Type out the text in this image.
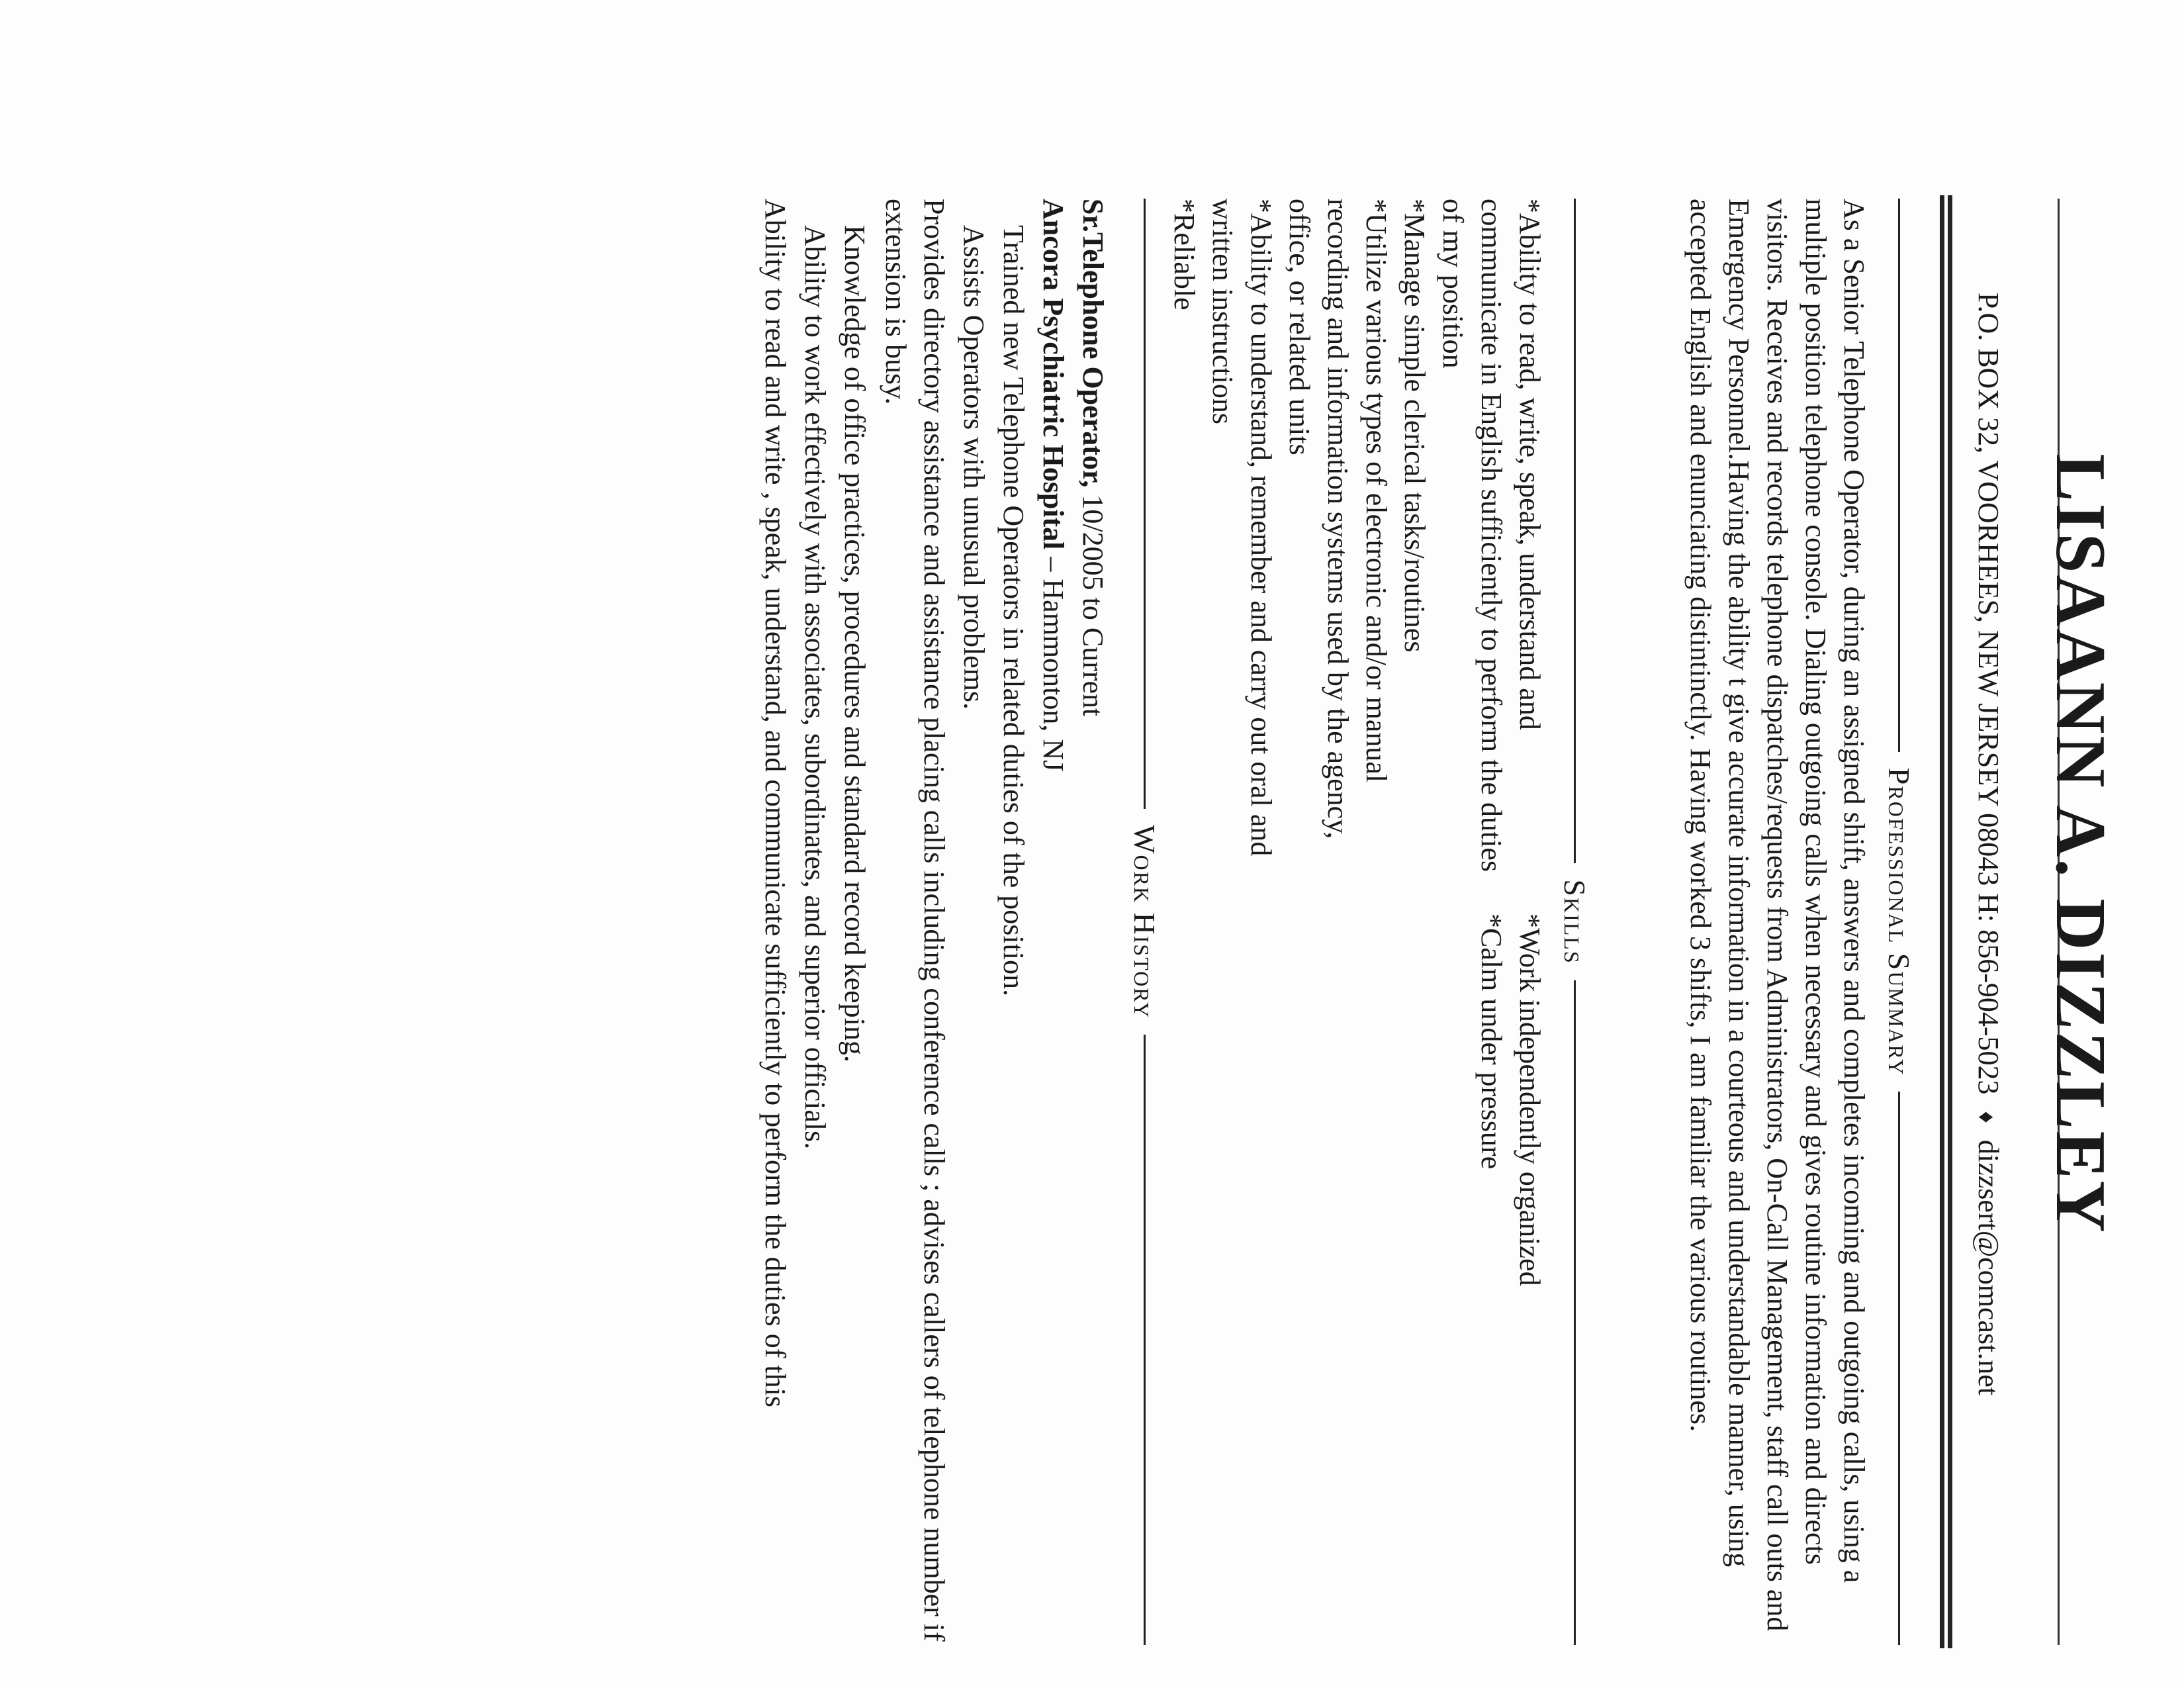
LISAANN A. DIZZLEY
P.O. BOX 32, VOORHEES, NEW JERSEY 08043 H: 856-904-5023 ♦ dizzsert@comcast.net
Professional Summary
As a Senior Telephone Operator, during an assigned shift, answers and completes incoming and outgoing calls, using a multiple position telephone console. Dialing outgoing calls when necessary and gives routine information and directs visitors. Receives and records telephone dispatches/requests from Administrators, On-Call Management, staff call outs and Emergency Personnel.Having the ability t give accurate information in a courteous and understandable manner, using accepted English and enunciating distintinctly. Having worked 3 shifts, I am familiar the various routines.
Skills

*Ability to read, write, speak, understand and communicate in English sufficiently to perform the duties of my position

*Manage simple clerical tasks/routines

*Utilize various types of electronic and/or manual recording and information systems used by the agency, office, or related units

*Ability to understand, remember and carry out oral and written instructions

*Reliable

*Work independently organized

*Calm under pressure

Work History
Sr.Telephone Operator, 10/2005 to Current
Ancora Psychiatric Hospital – Hammonton, NJ
Trained new Telephone Operators in related duties of the position.
Assists Operators with unusual problems.
Provides directory assistance and assistance placing calls including conference calls ; advises callers of telephone number if extension is busy.
Knowledge of office practices, procedures and standard record keeping.
Ability to work effectively with associates, subordinates, and superior officials.
Ability to read and write , speak, understand, and communicate sufficiently to perform the duties of this
